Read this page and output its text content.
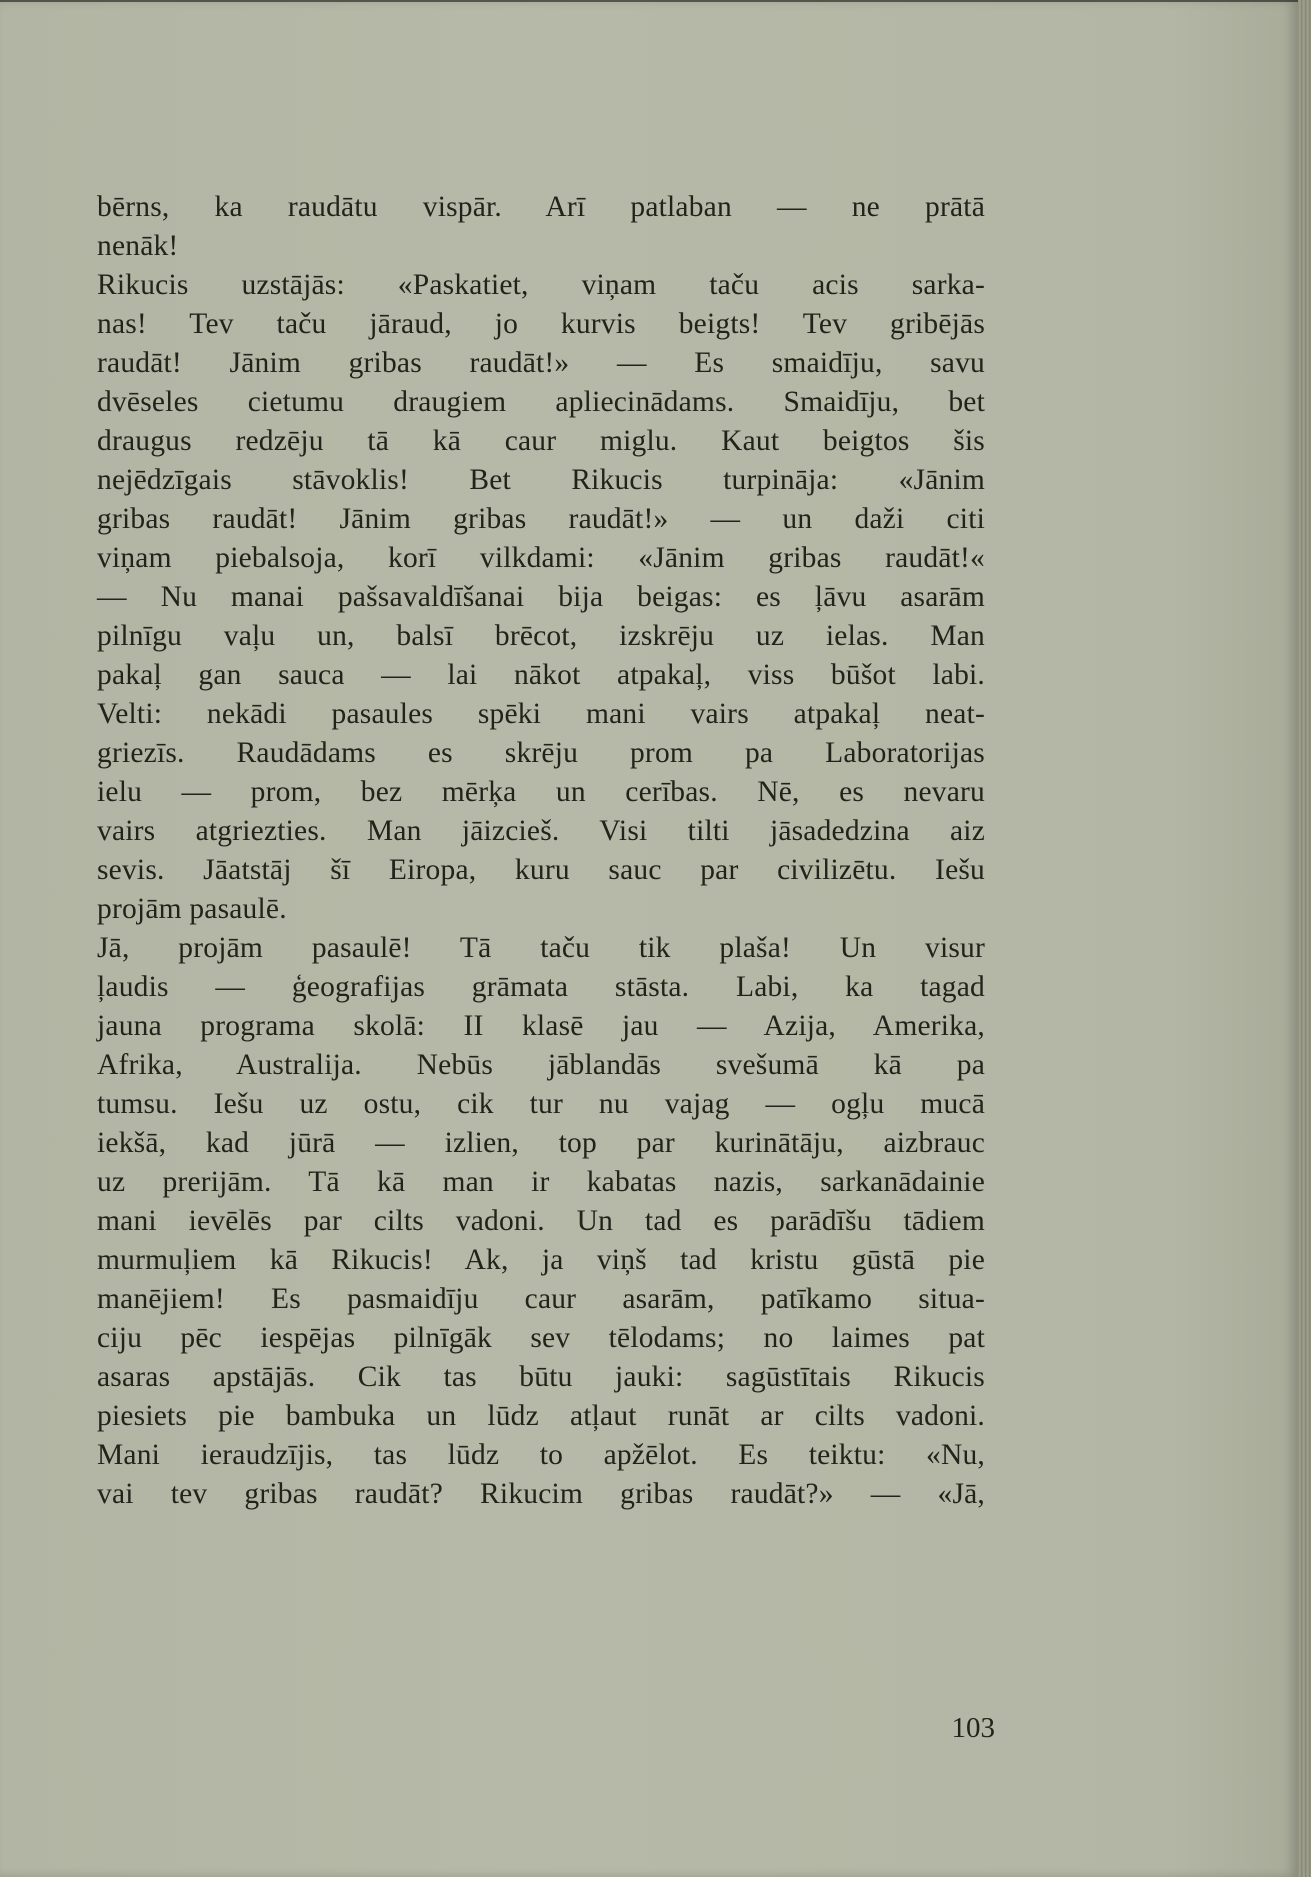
bērns, ka raudātu vispār. Arī patlaban — ne prātā
nenāk!
Rikucis uzstājās: «Paskatiet, viņam taču acis sarka-
nas! Tev taču jāraud, jo kurvis beigts! Tev gribējās
raudāt! Jānim gribas raudāt!» — Es smaidīju, savu
dvēseles cietumu draugiem apliecinādams. Smaidīju, bet
draugus redzēju tā kā caur miglu. Kaut beigtos šis
nejēdzīgais stāvoklis! Bet Rikucis turpināja: «Jānim
gribas raudāt! Jānim gribas raudāt!» — un daži citi
viņam piebalsoja, korī vilkdami: «Jānim gribas raudāt!«
— Nu manai pašsavaldīšanai bija beigas: es ļāvu asarām
pilnīgu vaļu un, balsī brēcot, izskrēju uz ielas. Man
pakaļ gan sauca — lai nākot atpakaļ, viss būšot labi.
Velti: nekādi pasaules spēki mani vairs atpakaļ neat-
griezīs. Raudādams es skrēju prom pa Laboratorijas
ielu — prom, bez mērķa un cerības. Nē, es nevaru
vairs atgriezties. Man jāizcieš. Visi tilti jāsadedzina aiz
sevis. Jāatstāj šī Eiropa, kuru sauc par civilizētu. Iešu
projām pasaulē.
Jā, projām pasaulē! Tā taču tik plaša! Un visur
ļaudis — ģeografijas grāmata stāsta. Labi, ka tagad
jauna programa skolā: II klasē jau — Azija, Amerika,
Afrika, Australija. Nebūs jāblandās svešumā kā pa
tumsu. Iešu uz ostu, cik tur nu vajag — ogļu mucā
iekšā, kad jūrā — izlien, top par kurinātāju, aizbrauc
uz prerijām. Tā kā man ir kabatas nazis, sarkanādainie
mani ievēlēs par cilts vadoni. Un tad es parādīšu tādiem
murmuļiem kā Rikucis! Ak, ja viņš tad kristu gūstā pie
manējiem! Es pasmaidīju caur asarām, patīkamo situa-
ciju pēc iespējas pilnīgāk sev tēlodams; no laimes pat
asaras apstājās. Cik tas būtu jauki: sagūstītais Rikucis
piesiets pie bambuka un lūdz atļaut runāt ar cilts vadoni.
Mani ieraudzījis, tas lūdz to apžēlot. Es teiktu: «Nu,
vai tev gribas raudāt? Rikucim gribas raudāt?» — «Jā,
103
